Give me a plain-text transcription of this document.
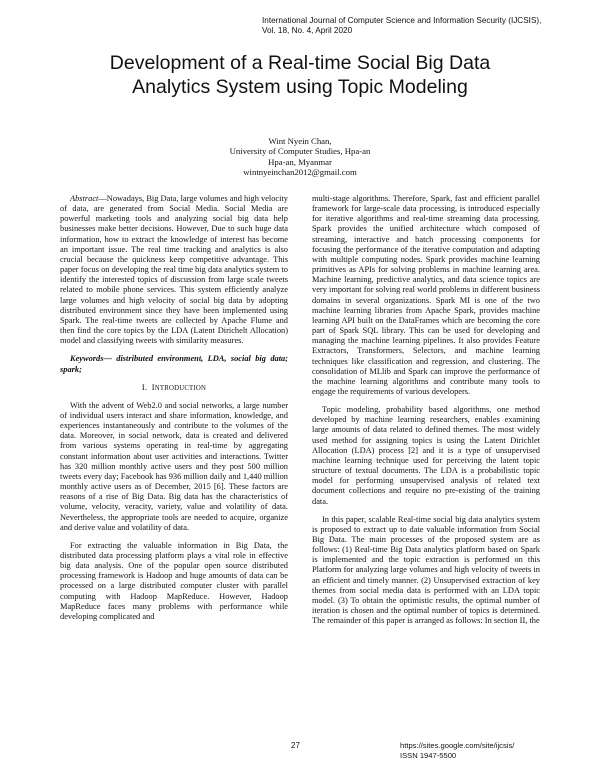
International Journal of Computer Science and Information Security (IJCSIS),
Vol. 18, No. 4, April 2020
Development of a Real-time Social Big Data
Analytics System using Topic Modeling
Wint Nyein Chan,
University of Computer Studies, Hpa-an
Hpa-an, Myanmar
wintnyeinchan2012@gmail.com

Abstract—Nowadays, Big Data, large volumes and high velocity of data, are generated from Social Media. Social Media are powerful marketing tools and analyzing social big data help businesses make better decisions. However, Due to such huge data information, how to extract the knowledge of interest has become an important issue. The real time tracking and analytics is also crucial because the quickness keep competitive advantage. This paper focus on developing the real time big data analytics system to identify the interested topics of discussion from large scale tweets related to mobile phone services. This system efficiently analyze large volumes and high velocity of social big data by adopting distributed environment since they have been implemented using Spark. The real-time tweets are collected by Apache Flume and then find the core topics by the LDA (Latent Dirichelt Allocation) model and classifying tweets with similarity measures.

Keywords— distributed environment, LDA, social big data; spark;

I. INTRODUCTION

With the advent of Web2.0 and social networks, a large number of individual users interact and share information, knowledge, and experiences instantaneously and contribute to the volumes of the data. Moreover, in social network, data is created and delivered from various systems operating in real-time by aggregating constant information about user activities and interactions. Twitter has 320 million monthly active users and they post 500 million tweets every day; Facebook has 936 million daily and 1,440 million monthly active users as of December, 2015 [6]. These factors are reasons of a rise of Big Data. Big data has the characteristics of volume, velocity, veracity, variety, value and volatility of data. Nevertheless, the appropriate tools are needed to acquire, organize and derive value and volatility of data.

For extracting the valuable information in Big Data, the distributed data processing platform plays a vital role in effective big data analysis. One of the popular open source distributed processing framework is Hadoop and huge amounts of data can be processed on a large distributed computer cluster with parallel computing with Hadoop MapReduce. However, Hadoop MapReduce faces many problems with performance while developing complicated and

multi-stage algorithms. Therefore, Spark, fast and efficient parallel framework for large-scale data processing, is introduced especially for iterative algorithms and real-time streaming data processing. Spark provides the unified architecture which composed of streaming, interactive and batch processing components for focusing the performance of the iterative computation and adapting with multiple computing nodes. Spark provides machine learning primitives as APIs for solving problems in machine learning area. Machine learning, predictive analytics, and data science topics are very important for solving real world problems in different business domains in several organizations. Spark MI is one of the two machine learning libraries from Apache Spark, provides machine learning API built on the DataFrames which are becoming the core part of Spark SQL library. This can be used for developing and managing the machine learning pipelines. It also provides Feature Extractors, Transformers, Selectors, and machine learning techniques like classification and regression, and clustering. The consolidation of MLlib and Spark can improve the performance of the machine learning algorithms and contribute many tools to engage the requirements of various developers.

Topic modeling, probability based algorithms, one method developed by machine learning researchers, enables examining large amounts of data related to defined themes. The most widely used method for assigning topics is using the Latent Dirichlet Allocation (LDA) process [2] and it is a type of unsupervised machine learning technique used for perceiving the latent topic structure of textual documents. The LDA is a probabilistic topic model for performing unsupervised analysis of related text document collections and require no pre-existing of the training data.

In this paper, scalable Real-time social big data analytics system is proposed to extract up to date valuable information from Social Big Data. The main processes of the proposed system are as follows: (1) Real-time Big Data analytics platform based on Spark is implemented and the topic extraction is performed on this Platform for analyzing large volumes and high velocity of tweets in an efficient and timely manner. (2) Unsupervised extraction of key themes from social media data is performed with an LDA topic model. (3) To obtain the optimistic results, the optimal number of iteration is chosen and the optimal number of topics is determined. The remainder of this paper is arranged as follows: In section II, the

27	https://sites.google.com/site/ijcsis/
ISSN 1947-5500
